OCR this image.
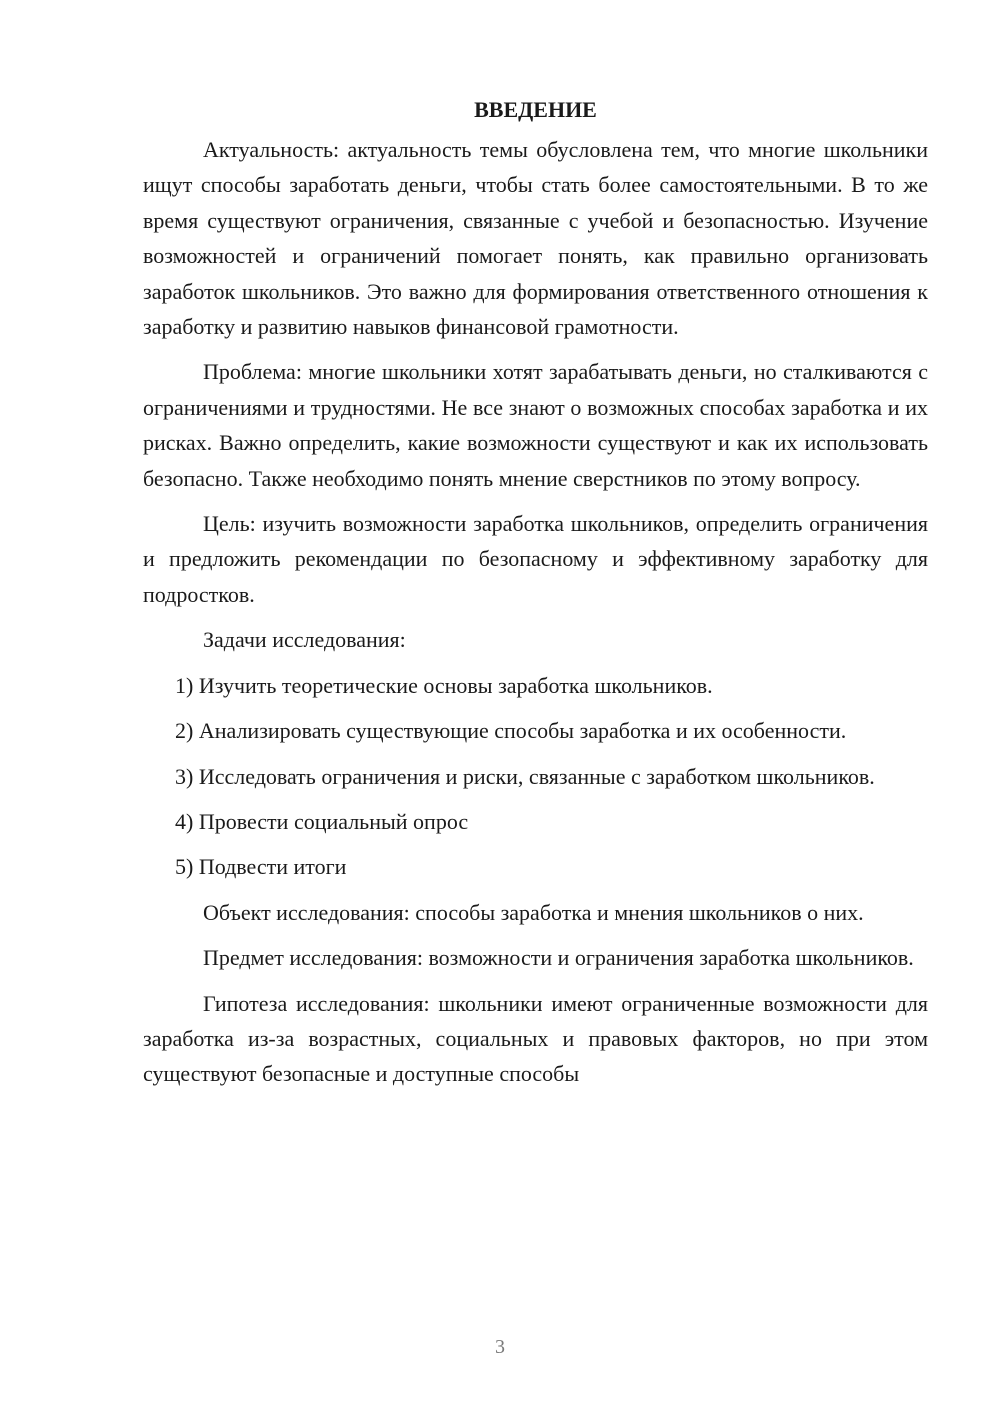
ВВЕДЕНИЕ

Актуальность: актуальность темы обусловлена тем, что многие школьники ищут способы заработать деньги, чтобы стать более самостоятельными. В то же время существуют ограничения, связанные с учебой и безопасностью. Изучение возможностей и ограничений помогает понять, как правильно организовать заработок школьников. Это важно для формирования ответственного отношения к заработку и развитию навыков финансовой грамотности.

Проблема: многие школьники хотят зарабатывать деньги, но сталкиваются с ограничениями и трудностями. Не все знают о возможных способах заработка и их рисках. Важно определить, какие возможности существуют и как их использовать безопасно. Также необходимо понять мнение сверстников по этому вопросу.

Цель: изучить возможности заработка школьников, определить ограничения и предложить рекомендации по безопасному и эффективному заработку для подростков.

Задачи исследования:

1) Изучить теоретические основы заработка школьников.

2) Анализировать существующие способы заработка и их особенности.

3) Исследовать ограничения и риски, связанные с заработком школьников.

4) Провести социальный опрос

5) Подвести итоги

Объект исследования: способы заработка и мнения школьников о них.

Предмет исследования: возможности и ограничения заработка школьников.

Гипотеза исследования: школьники имеют ограниченные возможности для заработка из-за возрастных, социальных и правовых факторов, но при этом существуют безопасные и доступные способы

3
